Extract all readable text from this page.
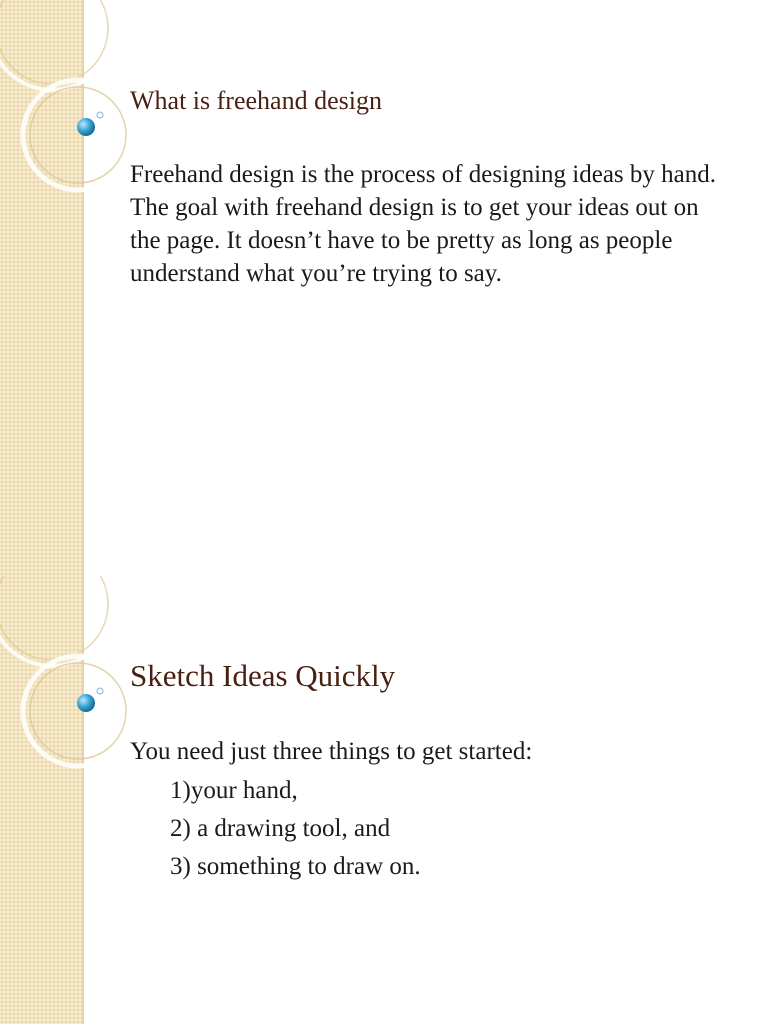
What is freehand design

Freehand design is the process of designing ideas by hand. The goal with freehand design is to get your ideas out on the page. It doesn’t have to be pretty as long as people understand what you’re trying to say.

Sketch Ideas Quickly

You need just three things to get started:

1)your hand,
2) a drawing tool, and
3) something to draw on.
